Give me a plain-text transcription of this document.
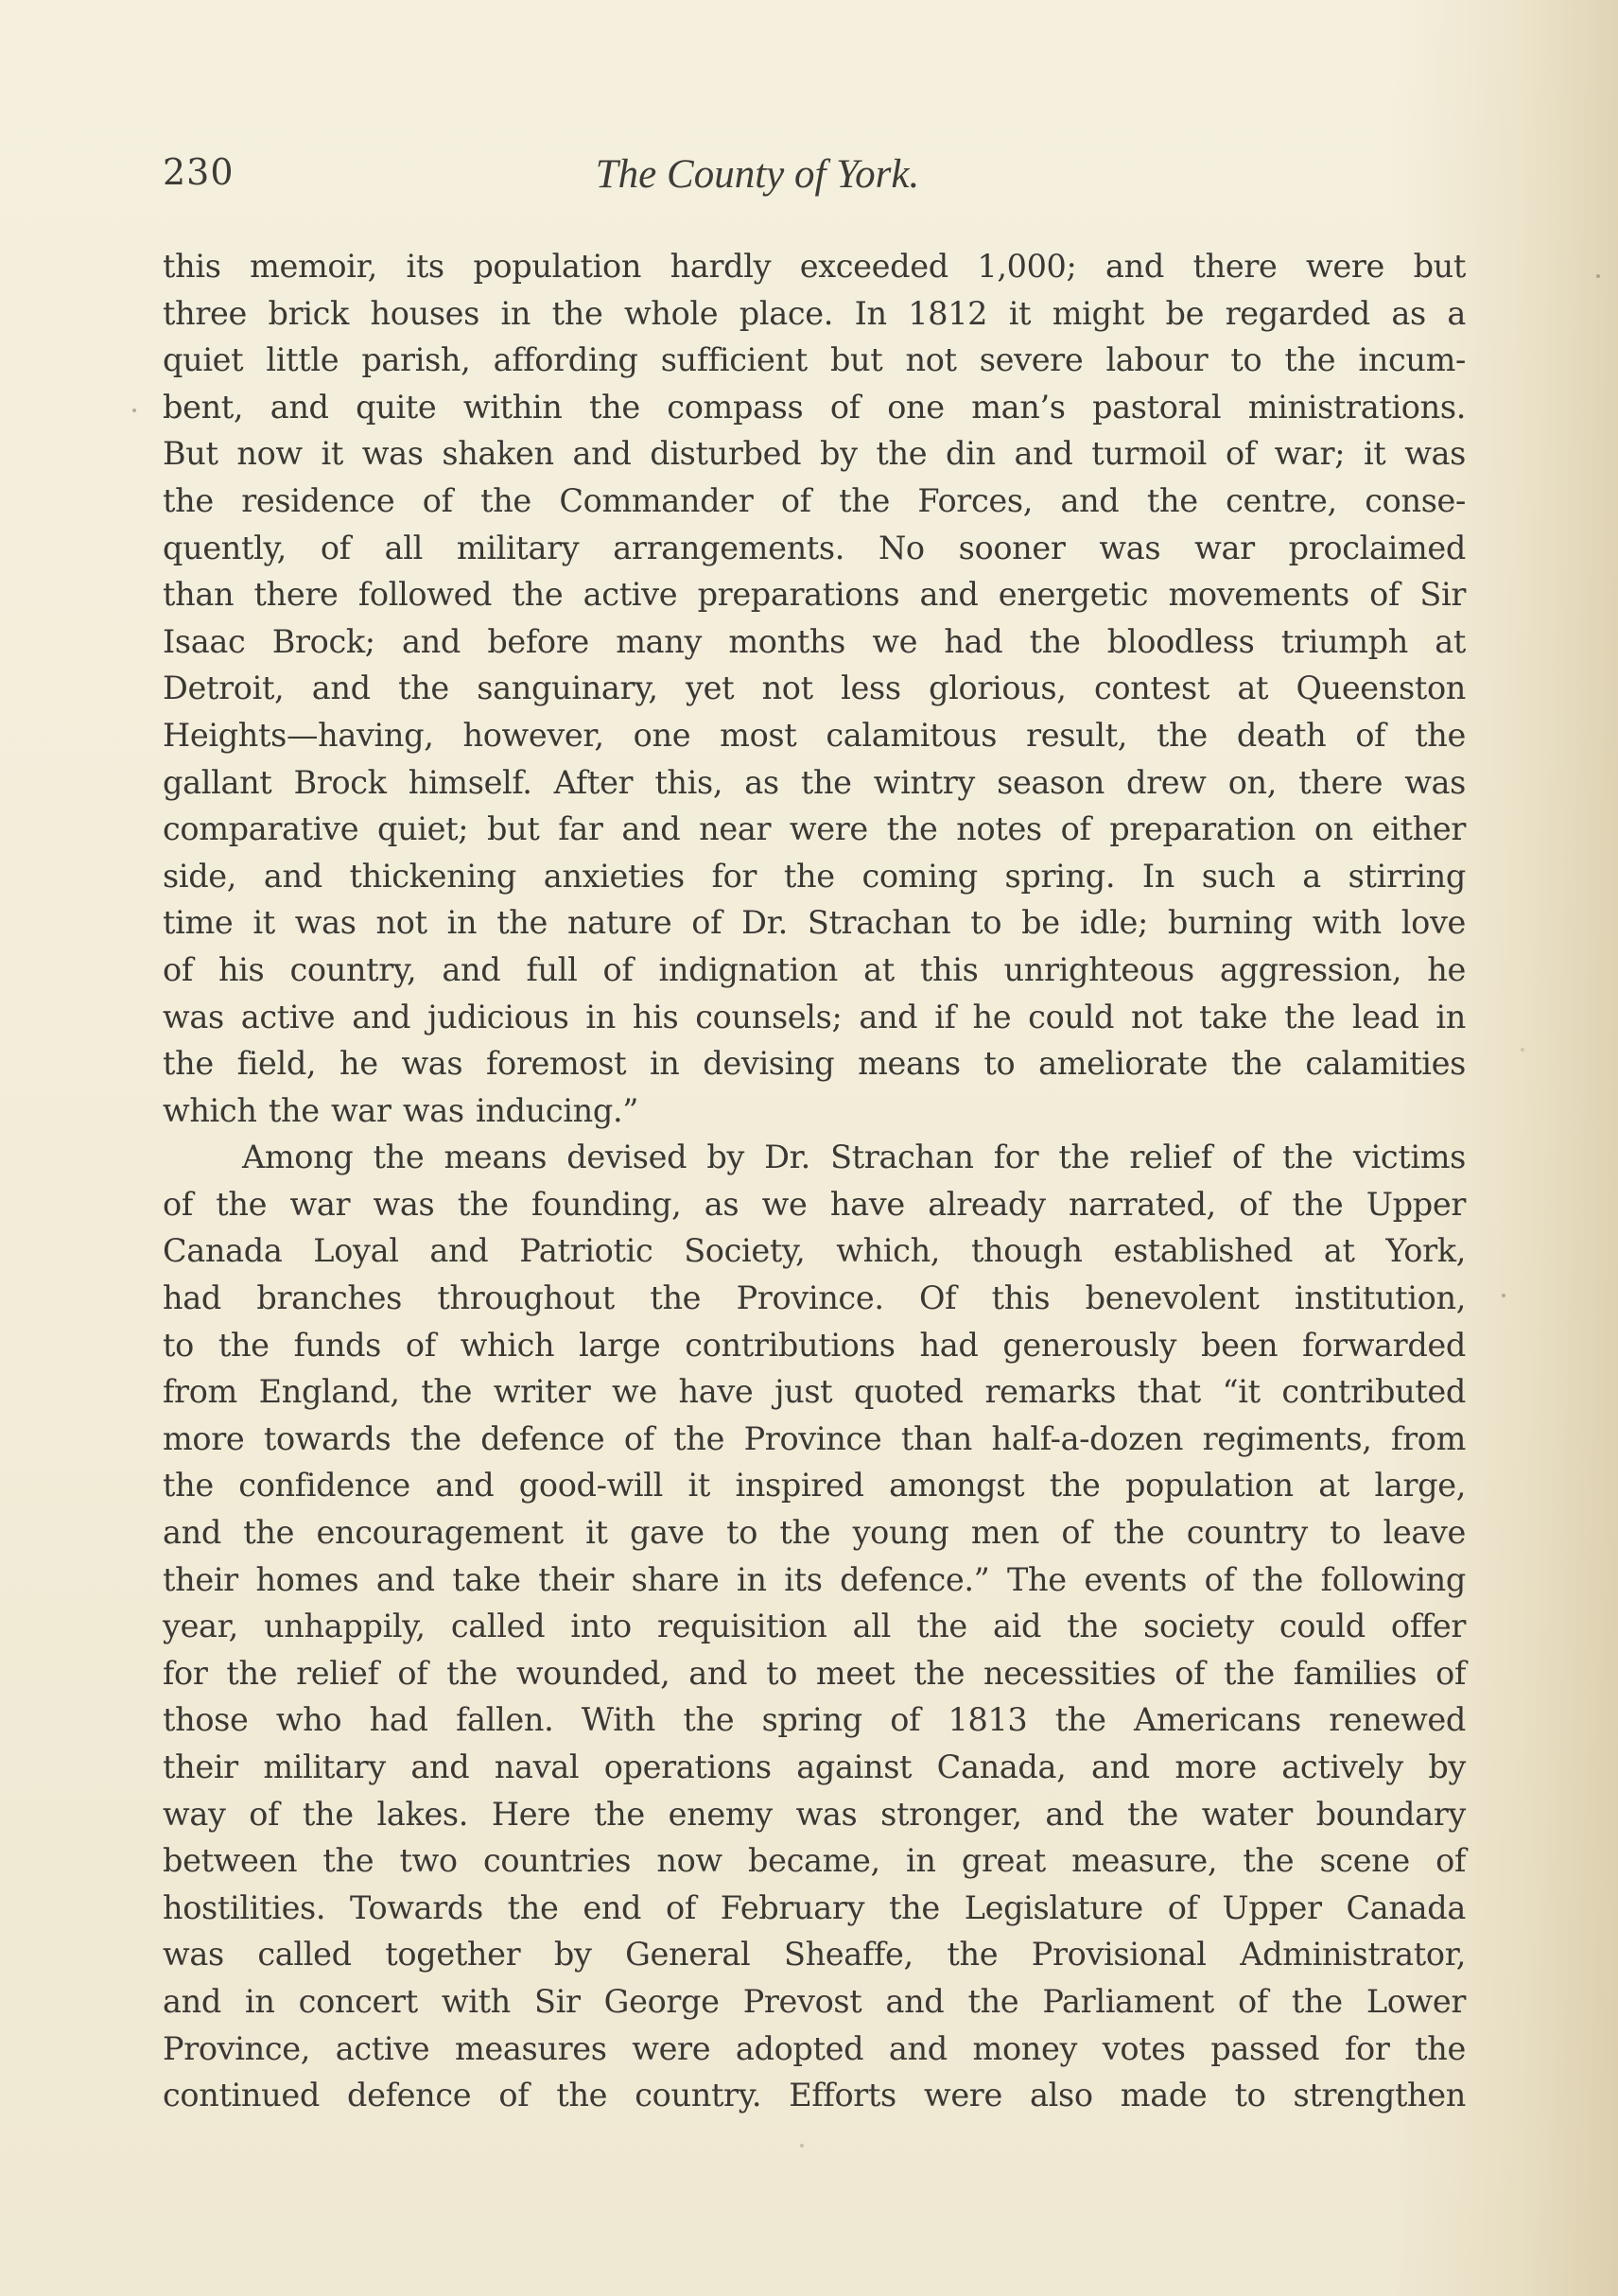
230	The County of York.
this memoir, its population hardly exceeded 1,000; and there were but
three brick houses in the whole place. In 1812 it might be regarded as a
quiet little parish, affording sufficient but not severe labour to the incum-
bent, and quite within the compass of one man’s pastoral ministrations.
But now it was shaken and disturbed by the din and turmoil of war; it was
the residence of the Commander of the Forces, and the centre, conse-
quently, of all military arrangements. No sooner was war proclaimed
than there followed the active preparations and energetic movements of Sir
Isaac Brock; and before many months we had the bloodless triumph at
Detroit, and the sanguinary, yet not less glorious, contest at Queenston
Heights—having, however, one most calamitous result, the death of the
gallant Brock himself. After this, as the wintry season drew on, there was
comparative quiet; but far and near were the notes of preparation on either
side, and thickening anxieties for the coming spring. In such a stirring
time it was not in the nature of Dr. Strachan to be idle; burning with love
of his country, and full of indignation at this unrighteous aggression, he
was active and judicious in his counsels; and if he could not take the lead in
the field, he was foremost in devising means to ameliorate the calamities
which the war was inducing.”
Among the means devised by Dr. Strachan for the relief of the victims
of the war was the founding, as we have already narrated, of the Upper
Canada Loyal and Patriotic Society, which, though established at York,
had branches throughout the Province. Of this benevolent institution,
to the funds of which large contributions had generously been forwarded
from England, the writer we have just quoted remarks that “it contributed
more towards the defence of the Province than half-a-dozen regiments, from
the confidence and good-will it inspired amongst the population at large,
and the encouragement it gave to the young men of the country to leave
their homes and take their share in its defence.” The events of the following
year, unhappily, called into requisition all the aid the society could offer
for the relief of the wounded, and to meet the necessities of the families of
those who had fallen. With the spring of 1813 the Americans renewed
their military and naval operations against Canada, and more actively by
way of the lakes. Here the enemy was stronger, and the water boundary
between the two countries now became, in great measure, the scene of
hostilities. Towards the end of February the Legislature of Upper Canada
was called together by General Sheaffe, the Provisional Administrator,
and in concert with Sir George Prevost and the Parliament of the Lower
Province, active measures were adopted and money votes passed for the
continued defence of the country. Efforts were also made to strengthen
